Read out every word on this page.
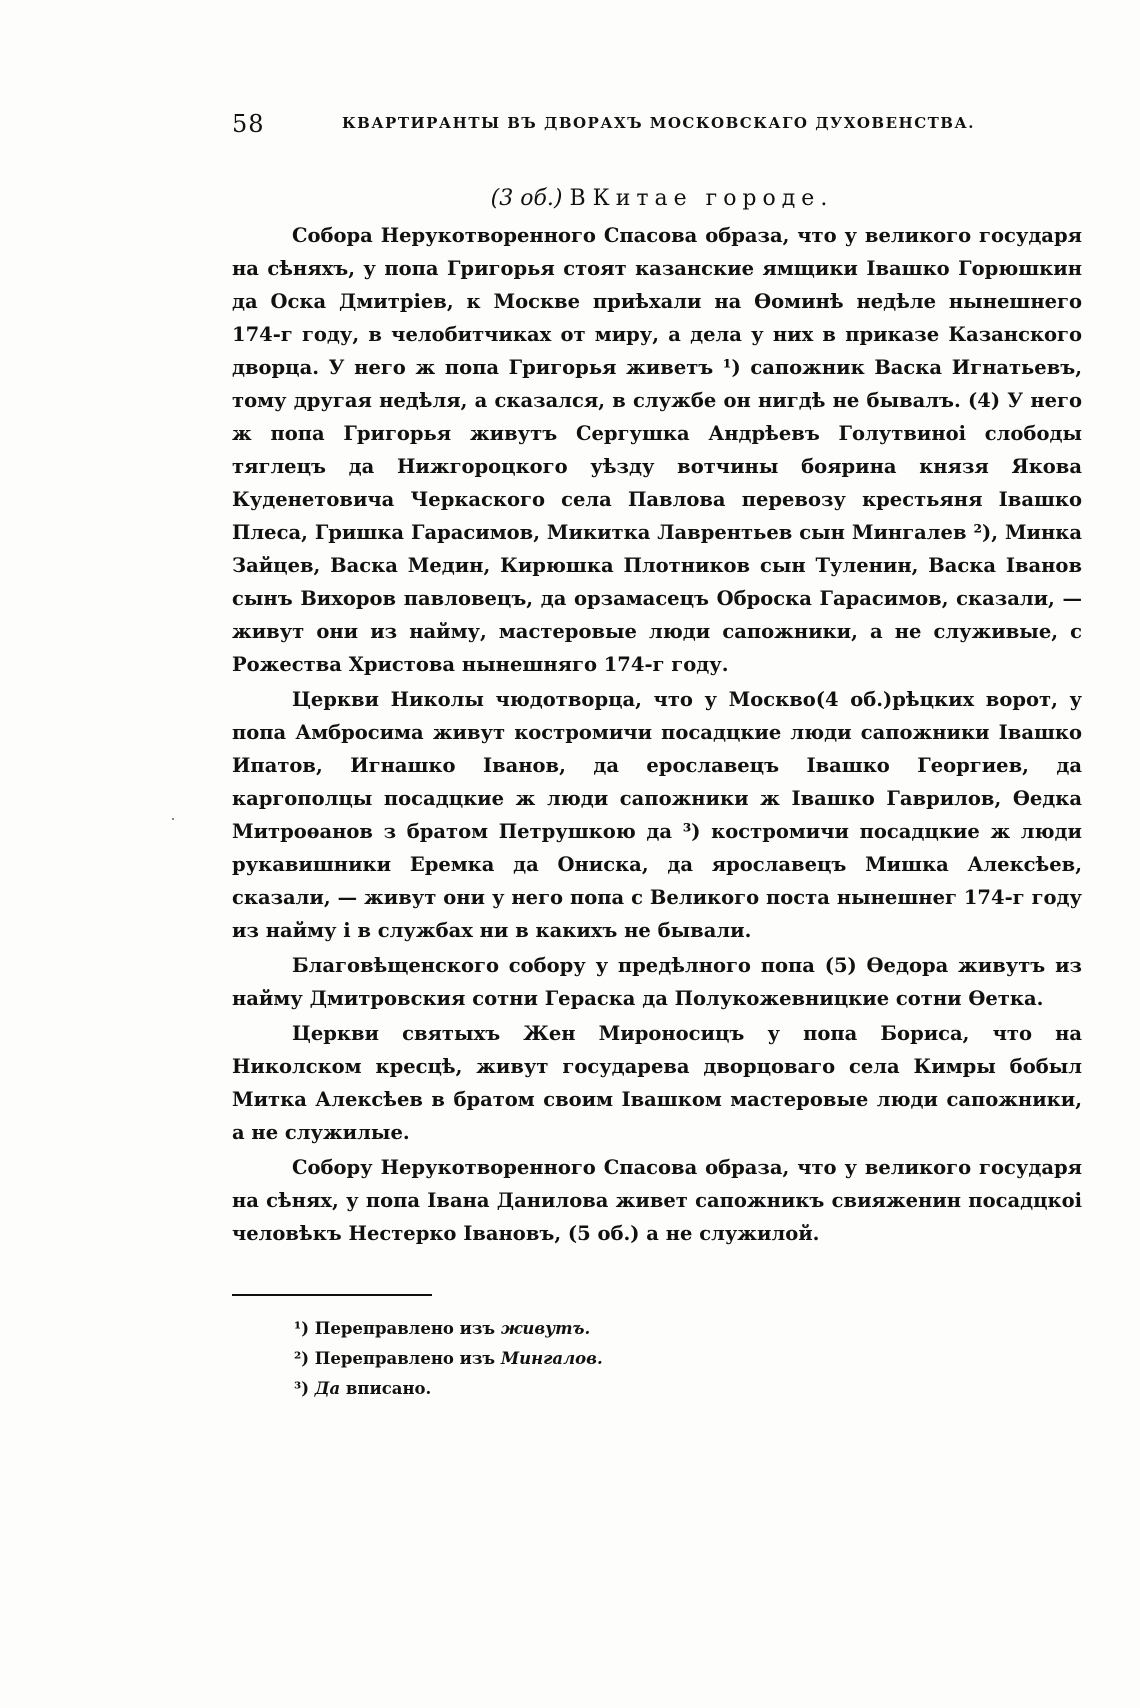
58	КВАРТИРАНТЫ ВЪ ДВОРАХЪ МОСКОВСКАГО ДУХОВЕНСТВА.
(3 об.) В Китае городе.

Собора Нерукотворенного Спасова образа, что у великого государя на сѣняхъ, у попа Григорья стоят казанские ямщики Івашко Горюшкин да Оска Дмитріев, к Москве приѣхали на Ѳоминѣ недѣле нынешнего 174-г году, в челобитчиках от миру, а дела у них в приказе Казанского дворца. У него ж попа Григорья живетъ ¹) сапожник Васка Игнатьевъ, тому другая недѣля, а сказался, в службе он нигдѣ не бывалъ. (4) У него ж попа Григорья живутъ Сергушка Андрѣевъ Голутвиноі слободы тяглецъ да Нижгороцкого уѣзду вотчины боярина князя Якова Куденетовича Черкаского села Павлова перевозу крестьяня Івашко Плеса, Гришка Гарасимов, Микитка Лаврентьев сын Мингалев ²), Минка Зайцев, Васка Медин, Кирюшка Плотников сын Туленин, Васка Іванов сынъ Вихоров павловецъ, да орзамасецъ Оброска Гарасимов, сказали, — живут они из найму, мастеровые люди сапожники, а не служивые, с Рожества Христова нынешняго 174-г году.

Церкви Николы чюдотворца, что у Москво(4 об.)рѣцких ворот, у попа Амбросима живут костромичи посадцкие люди сапожники Івашко Ипатов, Игнашко Іванов, да ерославецъ Івашко Георгиев, да каргополцы посадцкие ж люди сапожники ж Івашко Гаврилов, Ѳедка Митроѳанов з братом Петрушкою да ³) костромичи посадцкие ж люди рукавишники Еремка да Ониска, да ярославецъ Мишка Алексѣев, сказали, — живут они у него попа с Великого поста нынешнег 174-г году из найму і в службах ни в какихъ не бывали.

Благовѣщенского собору у предѣлного попа (5) Ѳедора живутъ из найму Дмитровския сотни Гераска да Полукожевницкие сотни Ѳетка.

Церкви святыхъ Жен Мироносицъ у попа Бориса, что на Николском кресцѣ, живут государева дворцоваго села Кимры бобыл Митка Алексѣев в братом своим Івашком мастеровые люди сапожники, а не служилые.

Собору Нерукотворенного Спасова образа, что у великого государя на сѣнях, у попа Івана Данилова живет сапожникъ свияженин посадцкоі человѣкъ Нестерко Івановъ, (5 об.) а не служилой.

¹) Переправлено изъ живутъ.

²) Переправлено изъ Мингалов.

³) Да вписано.
